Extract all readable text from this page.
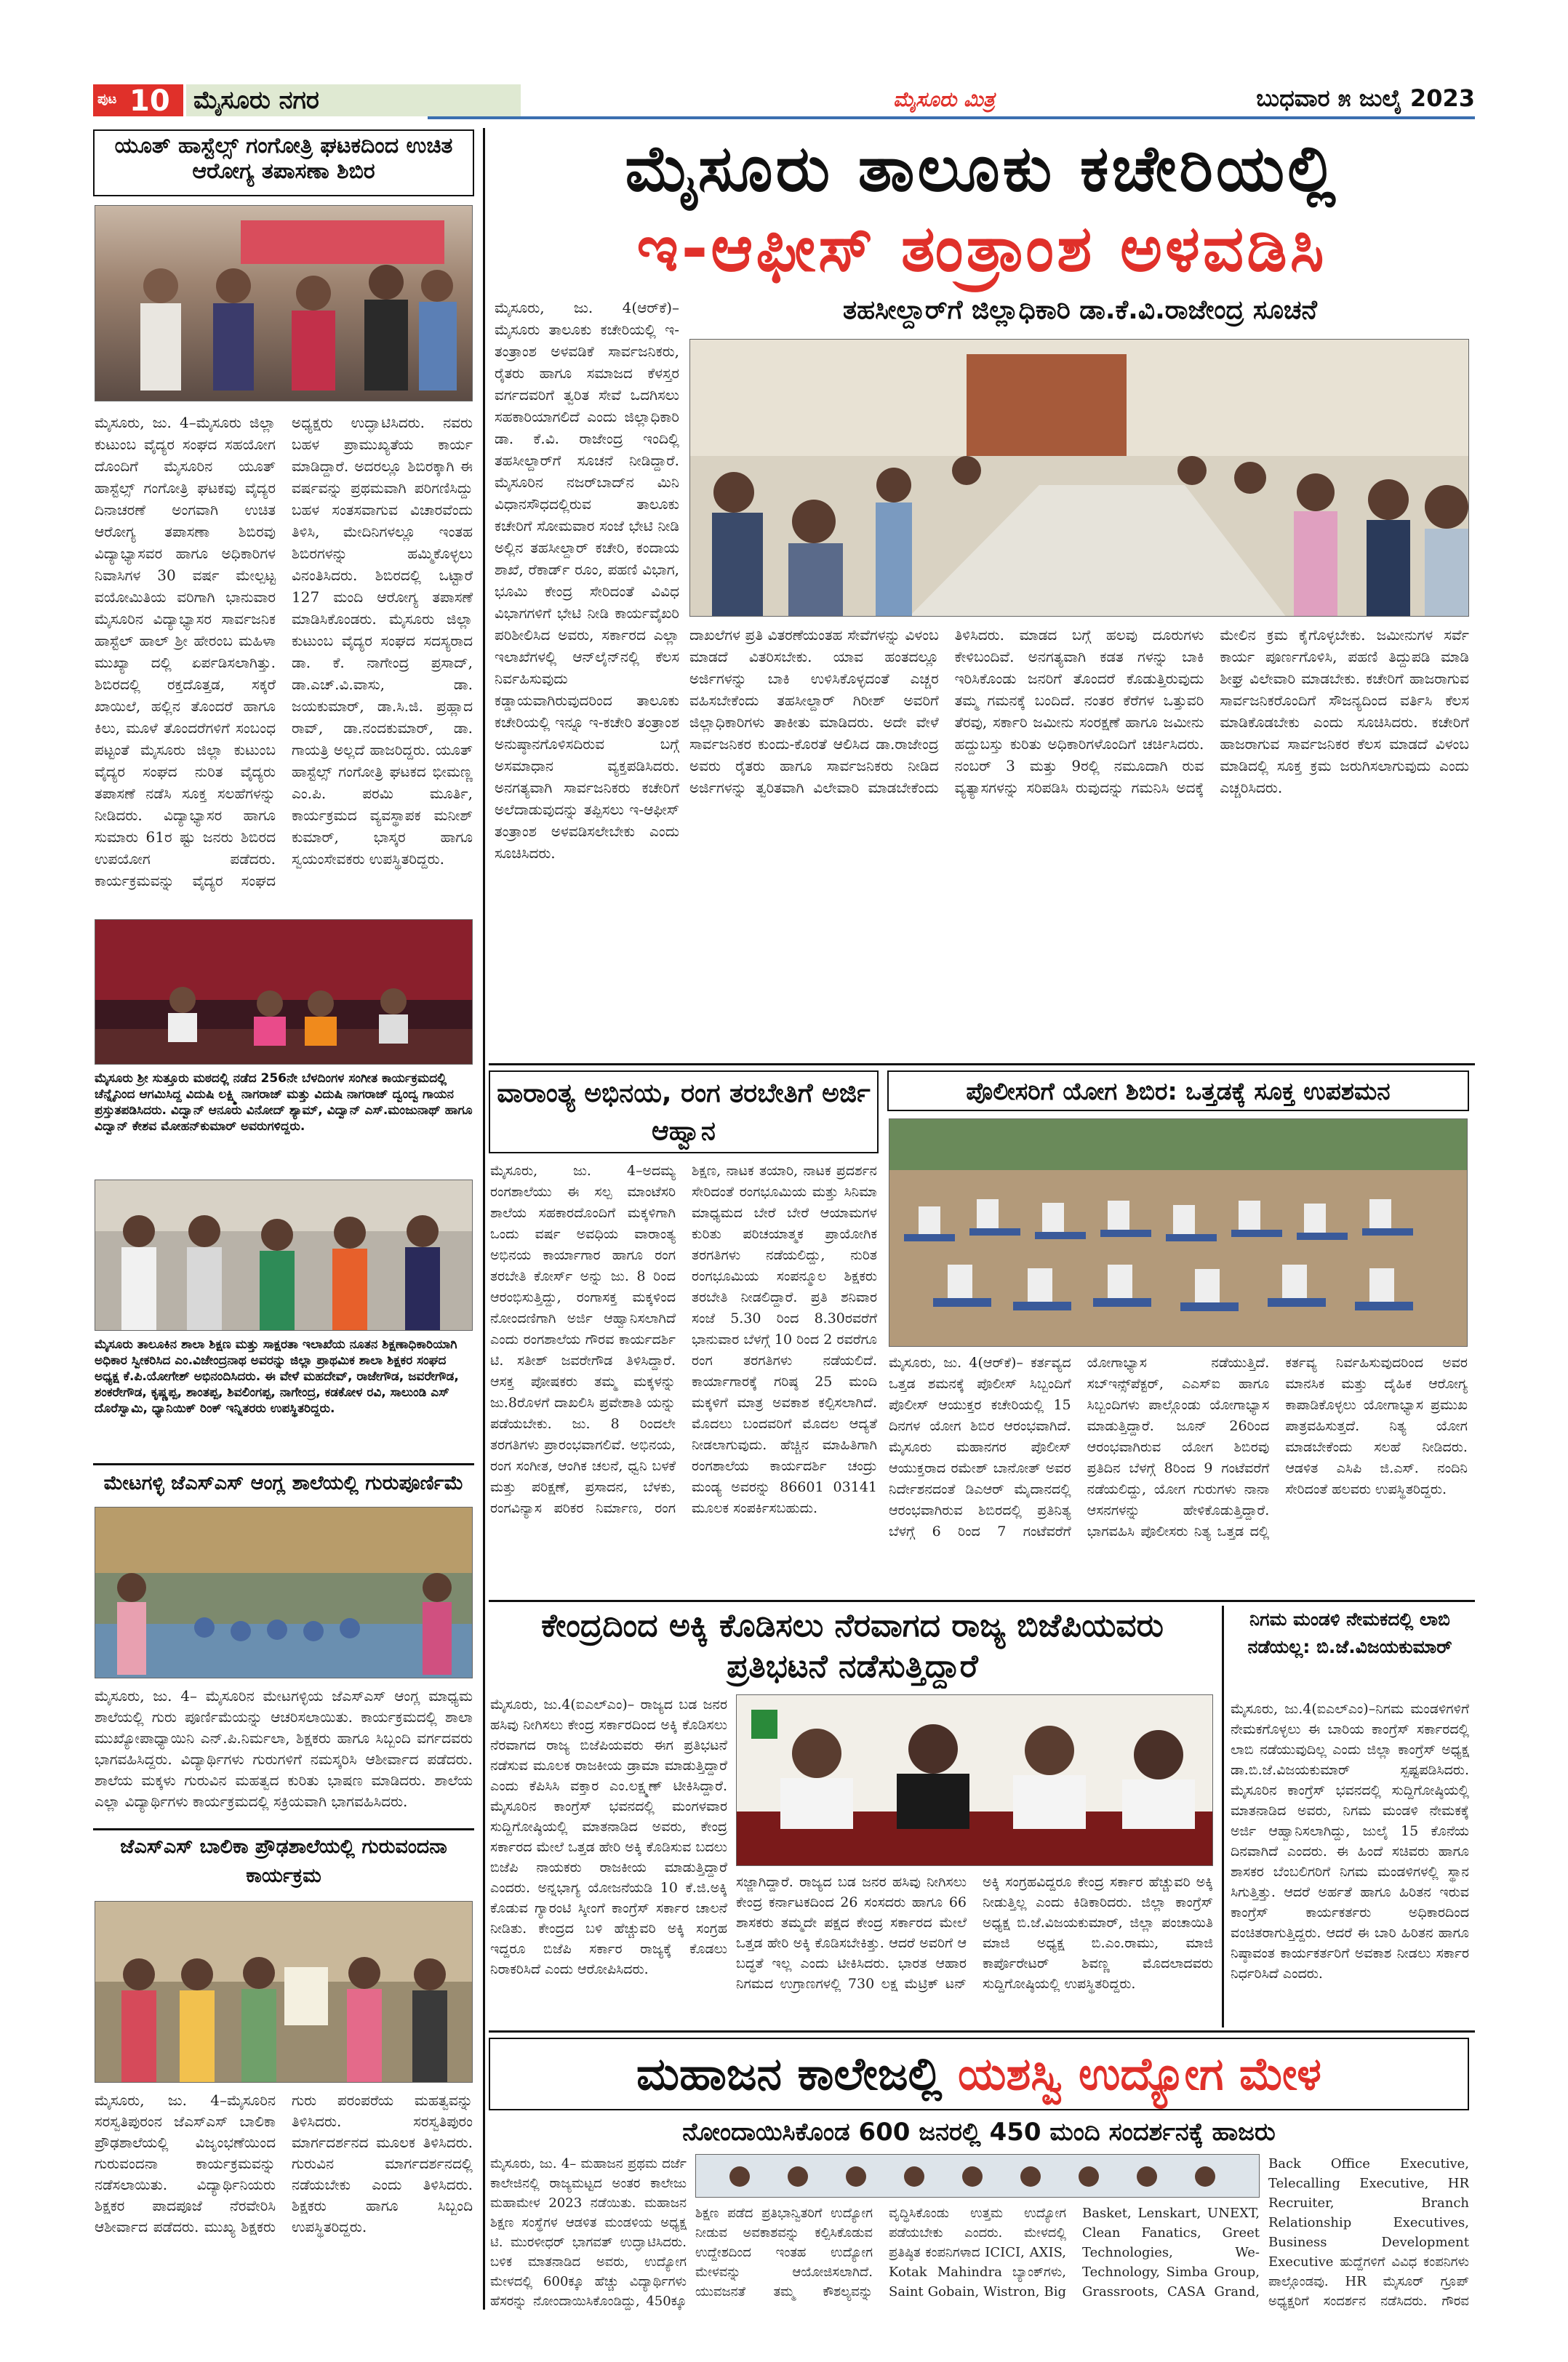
ಪುಟ 10 ಮೈಸೂರು ನಗರ	ಮೈಸೂರು ಮಿತ್ರ	ಬುಧವಾರ ೫ ಜುಲೈ 2023
ಯೂತ್ ಹಾಸ್ಟೆಲ್ಸ್ ಗಂಗೋತ್ರಿ ಘಟಕದಿಂದ ಉಚಿತ ಆರೋಗ್ಯ ತಪಾಸಣಾ ಶಿಬಿರ
ಮೈಸೂರು, ಜು. 4–ಮೈಸೂರು ಜಿಲ್ಲಾ ಕುಟುಂಬ ವೈದ್ಯರ ಸಂಘದ ಸಹಯೋಗ ದೊಂದಿಗೆ ಮೈಸೂರಿನ ಯೂತ್ ಹಾಸ್ಟೆಲ್ಸ್ ಗಂಗೋತ್ರಿ ಘಟಕವು ವೈದ್ಯರ ದಿನಾಚರಣೆ ಅಂಗವಾಗಿ ಉಚಿತ ಆರೋಗ್ಯ ತಪಾಸಣಾ ಶಿಬಿರವು ವಿದ್ಯಾಭ್ಯಾಸವರ ಹಾಗೂ ಅಧಿಕಾರಿಗಳ ನಿವಾಸಿಗಳ 30 ವರ್ಷ ಮೇಲ್ಪಟ್ಟ ವಯೋಮಿತಿಯ ವರಿಗಾಗಿ ಭಾನುವಾರ ಮೈಸೂರಿನ ವಿದ್ಯಾಭ್ಯಾಸರ ಸಾರ್ವಜನಿಕ ಹಾಸ್ಟೆಲ್ ಹಾಲ್ ಶ್ರೀ ಹೇರಂಬ ಮಹಿಳಾ ಮುಖ್ಯಾ ದಲ್ಲಿ ಏರ್ಪಡಿಸಲಾಗಿತ್ತು. ಶಿಬಿರದಲ್ಲಿ ರಕ್ತದೊತ್ತಡ, ಸಕ್ಕರೆ ಖಾಯಿಲೆ, ಹಲ್ಲಿನ ತೊಂದರೆ ಹಾಗೂ ಕಿಲು, ಮೂಳೆ ತೊಂದರೆಗಳಿಗೆ ಸಂಬಂಧ ಪಟ್ಟಂತೆ ಮೈಸೂರು ಜಿಲ್ಲಾ ಕುಟುಂಬ ವೈದ್ಯರ ಸಂಘದ ನುರಿತ ವೈದ್ಯರು ತಪಾಸಣೆ ನಡೆಸಿ ಸೂಕ್ತ ಸಲಹೆಗಳನ್ನು ನೀಡಿದರು. ವಿದ್ಯಾಭ್ಯಾಸರ ಹಾಗೂ ಸುಮಾರು 61ರ ಷ್ಟು ಜನರು ಶಿಬಿರದ ಉಪಯೋಗ ಪಡೆದರು. ಕಾರ್ಯಕ್ರಮವನ್ನು ವೈದ್ಯರ ಸಂಘದ ಅಧ್ಯಕ್ಷರು ಉದ್ಘಾಟಿಸಿದರು. ನವರು ಬಹಳ ಪ್ರಾಮುಖ್ಯತೆಯ ಕಾರ್ಯ ಮಾಡಿದ್ದಾರೆ. ಅದರಲ್ಲೂ ಶಿಬಿರಕ್ಕಾಗಿ ಈ ವರ್ಷವನ್ನು ಪ್ರಥಮವಾಗಿ ಪರಿಗಣಿಸಿದ್ದು ಬಹಳ ಸಂತಸವಾಗುವ ವಿಚಾರವೆಂದು ತಿಳಿಸಿ, ಮೇದಿನಿಗಳಲ್ಲೂ ಇಂತಹ ಶಿಬಿರಗಳನ್ನು ಹಮ್ಮಿಕೊಳ್ಳಲು ವಿನಂತಿಸಿದರು. ಶಿಬಿರದಲ್ಲಿ ಒಟ್ಟಾರೆ 127 ಮಂದಿ ಆರೋಗ್ಯ ತಪಾಸಣೆ ಮಾಡಿಸಿಕೊಂಡರು. ಮೈಸೂರು ಜಿಲ್ಲಾ ಕುಟುಂಬ ವೈದ್ಯರ ಸಂಘದ ಸದಸ್ಯರಾದ ಡಾ. ಕೆ. ನಾಗೇಂದ್ರ ಪ್ರಸಾದ್, ಡಾ.ಎಚ್.ವಿ.ವಾಸು, ಡಾ. ಜಯಕುಮಾರ್, ಡಾ.ಸಿ.ಜಿ. ಪ್ರಹ್ಲಾದ ರಾವ್, ಡಾ.ನಂದಕುಮಾರ್, ಡಾ. ಗಾಯತ್ರಿ ಅಲ್ಲದೆ ಹಾಜರಿದ್ದರು. ಯೂತ್ ಹಾಸ್ಟೆಲ್ಸ್ ಗಂಗೋತ್ರಿ ಘಟಕದ ಭೀಮಣ್ಣ ಎಂ.ಪಿ. ಪರಮಿ ಮೂರ್ತಿ, ಕಾರ್ಯಕ್ರಮದ ವ್ಯವಸ್ಥಾಪಕ ಮನೀಶ್ ಕುಮಾರ್, ಭಾಸ್ಕರ ಹಾಗೂ ಸ್ವಯಂಸೇವಕರು ಉಪಸ್ಥಿತರಿದ್ದರು.
ಮೈಸೂರು ಶ್ರೀ ಸುತ್ತೂರು ಮಠದಲ್ಲಿ ನಡೆದ 256ನೇ ಬೆಳದಿಂಗಳ ಸಂಗೀತ ಕಾರ್ಯಕ್ರಮದಲ್ಲಿ ಚೆನ್ನೈನಿಂದ ಆಗಮಿಸಿದ್ದ ವಿದುಷಿ ಲಕ್ಷ್ಮಿ ನಾಗರಾಜ್ ಮತ್ತು ವಿದುಷಿ ನಾಗರಾಜ್ ದ್ವಂದ್ವ ಗಾಯನ ಪ್ರಸ್ತುತಪಡಿಸಿದರು. ವಿದ್ವಾನ್ ಆನೂರು ವಿನೋದ್ ಶ್ಯಾಮ್, ವಿದ್ವಾನ್ ಎಸ್.ಮಂಜುನಾಥ್ ಹಾಗೂ ವಿದ್ವಾನ್ ಕೇಶವ ಮೋಹನ್‌ಕುಮಾರ್ ಅವರುಗಳಿದ್ದರು.
ಮೈಸೂರು ತಾಲೂಕಿನ ಶಾಲಾ ಶಿಕ್ಷಣ ಮತ್ತು ಸಾಕ್ಷರತಾ ಇಲಾಖೆಯ ನೂತನ ಶಿಕ್ಷಣಾಧಿಕಾರಿಯಾಗಿ ಅಧಿಕಾರ ಸ್ವೀಕರಿಸಿದ ಎಂ.ವಿಜೇಂದ್ರನಾಥ ಅವರನ್ನು ಜಿಲ್ಲಾ ಪ್ರಾಥಮಿಕ ಶಾಲಾ ಶಿಕ್ಷಕರ ಸಂಘದ ಅಧ್ಯಕ್ಷ ಕೆ.ಪಿ.ಯೋಗೇಶ್ ಅಭಿನಂದಿಸಿದರು. ಈ ವೇಳೆ ಮಹದೇವ್, ರಾಜೇಗೌಡ, ಜವರೇಗೌಡ, ಶಂಕರೇಗೌಡ, ಕೃಷ್ಣಪ್ಪ, ಶಾಂತಪ್ಪ, ಶಿವಲಿಂಗಪ್ಪ, ನಾಗೇಂದ್ರ, ಕಡಕೋಳ ರವಿ, ಸಾಲುಂಡಿ ಎಸ್ ದೊರೆಸ್ವಾಮಿ, ಧ್ಯಾನಿಯಿಕ್ ರಿಂಕ್ ಇನ್ನಿತರರು ಉಪಸ್ಥಿತರಿದ್ದರು.
ಮೇಟಗಳ್ಳಿ ಜೆಎಸ್‌ಎಸ್ ಆಂಗ್ಲ ಶಾಲೆಯಲ್ಲಿ ಗುರುಪೂರ್ಣಿಮೆ
ಮೈಸೂರು, ಜು. 4– ಮೈಸೂರಿನ ಮೇಟಗಳ್ಳಿಯ ಜೆಎಸ್‌ಎಸ್ ಆಂಗ್ಲ ಮಾಧ್ಯಮ ಶಾಲೆಯಲ್ಲಿ ಗುರು ಪೂರ್ಣಿಮೆಯನ್ನು ಆಚರಿಸಲಾಯಿತು. ಕಾರ್ಯಕ್ರಮದಲ್ಲಿ ಶಾಲಾ ಮುಖ್ಯೋಪಾಧ್ಯಾಯಿನಿ ಎನ್.ಪಿ.ನಿರ್ಮಲಾ, ಶಿಕ್ಷಕರು ಹಾಗೂ ಸಿಬ್ಬಂದಿ ವರ್ಗದವರು ಭಾಗವಹಿಸಿದ್ದರು. ವಿದ್ಯಾರ್ಥಿಗಳು ಗುರುಗಳಿಗೆ ನಮಸ್ಕರಿಸಿ ಆಶೀರ್ವಾದ ಪಡೆದರು. ಶಾಲೆಯ ಮಕ್ಕಳು ಗುರುವಿನ ಮಹತ್ವದ ಕುರಿತು ಭಾಷಣ ಮಾಡಿದರು. ಶಾಲೆಯ ಎಲ್ಲಾ ವಿದ್ಯಾರ್ಥಿಗಳು ಕಾರ್ಯಕ್ರಮದಲ್ಲಿ ಸಕ್ರಿಯವಾಗಿ ಭಾಗವಹಿಸಿದರು.
ಜೆಎಸ್‌ಎಸ್ ಬಾಲಿಕಾ ಪ್ರೌಢಶಾಲೆಯಲ್ಲಿ ಗುರುವಂದನಾ ಕಾರ್ಯಕ್ರಮ
ಮೈಸೂರು, ಜು. 4–ಮೈಸೂರಿನ ಸರಸ್ವತಿಪುರಂನ ಜೆಎಸ್‌ಎಸ್ ಬಾಲಿಕಾ ಪ್ರೌಢಶಾಲೆಯಲ್ಲಿ ವಿಜೃಂಭಣೆಯಿಂದ ಗುರುವಂದನಾ ಕಾರ್ಯಕ್ರಮವನ್ನು ನಡೆಸಲಾಯಿತು. ವಿದ್ಯಾರ್ಥಿನಿಯರು ಶಿಕ್ಷಕರ ಪಾದಪೂಜೆ ನೆರವೇರಿಸಿ ಆಶೀರ್ವಾದ ಪಡೆದರು. ಮುಖ್ಯ ಶಿಕ್ಷಕರು ಗುರು ಪರಂಪರೆಯ ಮಹತ್ವವನ್ನು ತಿಳಿಸಿದರು. ಸರಸ್ವತಿಪುರಂ ಮಾರ್ಗದರ್ಶನದ ಮೂಲಕ ತಿಳಿಸಿದರು. ಗುರುವಿನ ಮಾರ್ಗದರ್ಶನದಲ್ಲಿ ನಡೆಯಬೇಕು ಎಂದು ತಿಳಿಸಿದರು. ಶಿಕ್ಷಕರು ಹಾಗೂ ಸಿಬ್ಬಂದಿ ಉಪಸ್ಥಿತರಿದ್ದರು.
ಮೈಸೂರು ತಾಲೂಕು ಕಚೇರಿಯಲ್ಲಿ
ಇ-ಆಫೀಸ್ ತಂತ್ರಾಂಶ ಅಳವಡಿಸಿ
ತಹಸೀಲ್ದಾರ್‌ಗೆ ಜಿಲ್ಲಾಧಿಕಾರಿ ಡಾ.ಕೆ.ವಿ.ರಾಜೇಂದ್ರ ಸೂಚನೆ
ಮೈಸೂರು, ಜು. 4(ಆರ್‌ಕೆ)– ಮೈಸೂರು ತಾಲೂಕು ಕಚೇರಿಯಲ್ಲಿ ಇ-ತಂತ್ರಾಂಶ ಅಳವಡಿಕೆ ಸಾರ್ವಜನಿಕರು, ರೈತರು ಹಾಗೂ ಸಮಾಜದ ಕೆಳಸ್ತರ ವರ್ಗದವರಿಗೆ ತ್ವರಿತ ಸೇವೆ ಒದಗಿಸಲು ಸಹಕಾರಿಯಾಗಲಿದೆ ಎಂದು ಜಿಲ್ಲಾಧಿಕಾರಿ ಡಾ. ಕೆ.ವಿ. ರಾಜೇಂದ್ರ ಇಂದಿಲ್ಲಿ ತಹಸೀಲ್ದಾರ್‌ಗೆ ಸೂಚನೆ ನೀಡಿದ್ದಾರೆ. ಮೈಸೂರಿನ ನಜರ್‌ಬಾದ್‌ನ ಮಿನಿ ವಿಧಾನಸೌಧದಲ್ಲಿರುವ ತಾಲೂಕು ಕಚೇರಿಗೆ ಸೋಮವಾರ ಸಂಜೆ ಭೇಟಿ ನೀಡಿ ಅಲ್ಲಿನ ತಹಸೀಲ್ದಾರ್ ಕಚೇರಿ, ಕಂದಾಯ ಶಾಖೆ, ರೆಕಾರ್ಡ್ ರೂಂ, ಪಹಣಿ ವಿಭಾಗ, ಭೂಮಿ ಕೇಂದ್ರ ಸೇರಿದಂತೆ ವಿವಿಧ ವಿಭಾಗಗಳಿಗೆ ಭೇಟಿ ನೀಡಿ ಕಾರ್ಯವೈಖರಿ ಪರಿಶೀಲಿಸಿದ ಅವರು, ಸರ್ಕಾರದ ಎಲ್ಲಾ ಇಲಾಖೆಗಳಲ್ಲಿ ಆನ್‌ಲೈನ್‌ನಲ್ಲಿ ಕೆಲಸ ನಿರ್ವಹಿಸುವುದು ಕಡ್ಡಾಯವಾಗಿರುವುದರಿಂದ ತಾಲೂಕು ಕಚೇರಿಯಲ್ಲಿ ಇನ್ನೂ ಇ-ಕಚೇರಿ ತಂತ್ರಾಂಶ ಅನುಷ್ಠಾನಗೊಳಿಸದಿರುವ ಬಗ್ಗೆ ಅಸಮಾಧಾನ ವ್ಯಕ್ತಪಡಿಸಿದರು. ಅನಗತ್ಯವಾಗಿ ಸಾರ್ವಜನಿಕರು ಕಚೇರಿಗೆ ಅಲೆದಾಡುವುದನ್ನು ತಪ್ಪಿಸಲು ಇ-ಆಫೀಸ್ ತಂತ್ರಾಂಶ ಅಳವಡಿಸಲೇಬೇಕು ಎಂದು ಸೂಚಿಸಿದರು.
ದಾಖಲೆಗಳ ಪ್ರತಿ ವಿತರಣೆಯಂತಹ ಸೇವೆಗಳನ್ನು ವಿಳಂಬ ಮಾಡದೆ ವಿತರಿಸಬೇಕು. ಯಾವ ಹಂತದಲ್ಲೂ ಅರ್ಜಿಗಳನ್ನು ಬಾಕಿ ಉಳಿಸಿಕೊಳ್ಳದಂತೆ ಎಚ್ಚರ ವಹಿಸಬೇಕೆಂದು ತಹಸೀಲ್ದಾರ್ ಗಿರೀಶ್ ಅವರಿಗೆ ಜಿಲ್ಲಾಧಿಕಾರಿಗಳು ತಾಕೀತು ಮಾಡಿದರು. ಅದೇ ವೇಳೆ ಸಾರ್ವಜನಿಕರ ಕುಂದು-ಕೊರತೆ ಆಲಿಸಿದ ಡಾ.ರಾಜೇಂದ್ರ ಅವರು ರೈತರು ಹಾಗೂ ಸಾರ್ವಜನಿಕರು ನೀಡಿದ ಅರ್ಜಿಗಳನ್ನು ತ್ವರಿತವಾಗಿ ವಿಲೇವಾರಿ ಮಾಡಬೇಕೆಂದು ತಿಳಿಸಿದರು. ಮಾಡದ ಬಗ್ಗೆ ಹಲವು ದೂರುಗಳು ಕೇಳಿಬಂದಿವೆ. ಅನಗತ್ಯವಾಗಿ ಕಡತ ಗಳನ್ನು ಬಾಕಿ ಇರಿಸಿಕೊಂಡು ಜನರಿಗೆ ತೊಂದರೆ ಕೊಡುತ್ತಿರುವುದು ತಮ್ಮ ಗಮನಕ್ಕೆ ಬಂದಿದೆ. ನಂತರ ಕೆರೆಗಳ ಒತ್ತುವರಿ ತೆರವು, ಸರ್ಕಾರಿ ಜಮೀನು ಸಂರಕ್ಷಣೆ ಹಾಗೂ ಜಮೀನು ಹದ್ದುಬಸ್ತು ಕುರಿತು ಅಧಿಕಾರಿಗಳೊಂದಿಗೆ ಚರ್ಚಿಸಿದರು. ನಂಬರ್ 3 ಮತ್ತು 9ರಲ್ಲಿ ನಮೂದಾಗಿ ರುವ ವ್ಯತ್ಯಾಸಗಳನ್ನು ಸರಿಪಡಿಸಿ ರುವುದನ್ನು ಗಮನಿಸಿ ಅದಕ್ಕೆ ಮೇಲಿನ ಕ್ರಮ ಕೈಗೊಳ್ಳಬೇಕು. ಜಮೀನುಗಳ ಸರ್ವೆ ಕಾರ್ಯ ಪೂರ್ಣಗೊಳಿಸಿ, ಪಹಣಿ ತಿದ್ದುಪಡಿ ಮಾಡಿ ಶೀಘ್ರ ವಿಲೇವಾರಿ ಮಾಡಬೇಕು. ಕಚೇರಿಗೆ ಹಾಜರಾಗುವ ಸಾರ್ವಜನಿಕರೊಂದಿಗೆ ಸೌಜನ್ಯದಿಂದ ವರ್ತಿಸಿ ಕೆಲಸ ಮಾಡಿಕೊಡಬೇಕು ಎಂದು ಸೂಚಿಸಿದರು. ಕಚೇರಿಗೆ ಹಾಜರಾಗುವ ಸಾರ್ವಜನಿಕರ ಕೆಲಸ ಮಾಡದೆ ವಿಳಂಬ ಮಾಡಿದಲ್ಲಿ ಸೂಕ್ತ ಕ್ರಮ ಜರುಗಿಸಲಾಗುವುದು ಎಂದು ಎಚ್ಚರಿಸಿದರು.
ವಾರಾಂತ್ಯ ಅಭಿನಯ, ರಂಗ ತರಬೇತಿಗೆ ಅರ್ಜಿ ಆಹ್ವಾನ
ಮೈಸೂರು, ಜು. 4–ಅದಮ್ಯ ರಂಗಶಾಲೆಯು ಈ ಸಲ್ಪ ಮಾಂಟೆಸರಿ ಶಾಲೆಯ ಸಹಕಾರದೊಂದಿಗೆ ಮಕ್ಕಳಿಗಾಗಿ ಒಂದು ವರ್ಷ ಅವಧಿಯ ವಾರಾಂತ್ಯ ಅಭಿನಯ ಕಾರ್ಯಾಗಾರ ಹಾಗೂ ರಂಗ ತರಬೇತಿ ಕೋರ್ಸ್ ಅನ್ನು ಜು. 8 ರಿಂದ ಆರಂಭಿಸುತ್ತಿದ್ದು, ರಂಗಾಸಕ್ತ ಮಕ್ಕಳಿಂದ ನೋಂದಣಿಗಾಗಿ ಅರ್ಜಿ ಆಹ್ವಾನಿಸಲಾಗಿದೆ ಎಂದು ರಂಗಶಾಲೆಯ ಗೌರವ ಕಾರ್ಯದರ್ಶಿ ಟಿ. ಸತೀಶ್ ಜವರೇಗೌಡ ತಿಳಿಸಿದ್ದಾರೆ. ಆಸಕ್ತ ಪೋಷಕರು ತಮ್ಮ ಮಕ್ಕಳನ್ನು ಜು.8ರೊಳಗೆ ದಾಖಲಿಸಿ ಪ್ರವೇಶಾತಿ ಯನ್ನು ಪಡೆಯಬೇಕು. ಜು. 8 ರಿಂದಲೇ ತರಗತಿಗಳು ಪ್ರಾರಂಭವಾಗಲಿವೆ. ಅಭಿನಯ, ರಂಗ ಸಂಗೀತ, ಆಂಗಿಕ ಚಲನೆ, ಧ್ವನಿ ಬಳಕೆ ಮತ್ತು ಪರಿಕ್ಷಣೆ, ಪ್ರಸಾದನ, ಬೆಳಕು, ರಂಗವಿನ್ಯಾಸ ಪರಿಕರ ನಿರ್ಮಾಣ, ರಂಗ ಶಿಕ್ಷಣ, ನಾಟಕ ತಯಾರಿ, ನಾಟಕ ಪ್ರದರ್ಶನ ಸೇರಿದಂತೆ ರಂಗಭೂಮಿಯ ಮತ್ತು ಸಿನಿಮಾ ಮಾಧ್ಯಮದ ಬೇರೆ ಬೇರೆ ಆಯಾಮಗಳ ಕುರಿತು ಪರಿಚಯಾತ್ಮಕ ಪ್ರಾಯೋಗಿಕ ತರಗತಿಗಳು ನಡೆಯಲಿದ್ದು, ನುರಿತ ರಂಗಭೂಮಿಯ ಸಂಪನ್ಮೂಲ ಶಿಕ್ಷಕರು ತರಬೇತಿ ನೀಡಲಿದ್ದಾರೆ. ಪ್ರತಿ ಶನಿವಾರ ಸಂಜೆ 5.30 ರಿಂದ 8.30ರವರೆಗೆ ಭಾನುವಾರ ಬೆಳಗ್ಗೆ 10 ರಿಂದ 2 ರವರೆಗೂ ರಂಗ ತರಗತಿಗಳು ನಡೆಯಲಿದೆ. ಕಾರ್ಯಾಗಾರಕ್ಕೆ ಗರಿಷ್ಠ 25 ಮಂದಿ ಮಕ್ಕಳಿಗೆ ಮಾತ್ರ ಅವಕಾಶ ಕಲ್ಪಿಸಲಾಗಿದೆ. ಮೊದಲು ಬಂದವರಿಗೆ ಮೊದಲ ಆದ್ಯತೆ ನೀಡಲಾಗುವುದು. ಹೆಚ್ಚಿನ ಮಾಹಿತಿಗಾಗಿ ರಂಗಶಾಲೆಯ ಕಾರ್ಯದರ್ಶಿ ಚಂದ್ರು ಮಂಡ್ಯ ಅವರನ್ನು 86601 03141 ಮೂಲಕ ಸಂಪರ್ಕಿಸಬಹುದು.
ಪೊಲೀಸರಿಗೆ ಯೋಗ ಶಿಬಿರ: ಒತ್ತಡಕ್ಕೆ ಸೂಕ್ತ ಉಪಶಮನ
ಮೈಸೂರು, ಜು. 4(ಆರ್‌ಕೆ)– ಕರ್ತವ್ಯದ ಒತ್ತಡ ಶಮನಕ್ಕೆ ಪೊಲೀಸ್ ಸಿಬ್ಬಂದಿಗೆ ಪೊಲೀಸ್ ಆಯುಕ್ತರ ಕಚೇರಿಯಲ್ಲಿ 15 ದಿನಗಳ ಯೋಗ ಶಿಬಿರ ಆರಂಭವಾಗಿದೆ. ಮೈಸೂರು ಮಹಾನಗರ ಪೊಲೀಸ್ ಆಯುಕ್ತರಾದ ರಮೇಶ್ ಬಾನೋತ್ ಅವರ ನಿರ್ದೇಶನದಂತೆ ಡಿಎಆರ್ ಮೈದಾನದಲ್ಲಿ ಆರಂಭವಾಗಿರುವ ಶಿಬಿರದಲ್ಲಿ ಪ್ರತಿನಿತ್ಯ ಬೆಳಗ್ಗೆ 6 ರಿಂದ 7 ಗಂಟೆವರೆಗೆ ಯೋಗಾಭ್ಯಾಸ ನಡೆಯುತ್ತಿದೆ. ಸಬ್‌ಇನ್ಸ್‌ಪೆಕ್ಟರ್, ಎಎಸ್‌ಐ ಹಾಗೂ ಸಿಬ್ಬಂದಿಗಳು ಪಾಲ್ಗೊಂಡು ಯೋಗಾಭ್ಯಾಸ ಮಾಡುತ್ತಿದ್ದಾರೆ. ಜೂನ್ 26ರಿಂದ ಆರಂಭವಾಗಿರುವ ಯೋಗ ಶಿಬಿರವು ಪ್ರತಿದಿನ ಬೆಳಗ್ಗೆ 8ರಿಂದ 9 ಗಂಟೆವರೆಗೆ ನಡೆಯಲಿದ್ದು, ಯೋಗ ಗುರುಗಳು ನಾನಾ ಆಸನಗಳನ್ನು ಹೇಳಿಕೊಡುತ್ತಿದ್ದಾರೆ. ಭಾಗವಹಿಸಿ ಪೊಲೀಸರು ನಿತ್ಯ ಒತ್ತಡ ದಲ್ಲಿ ಕರ್ತವ್ಯ ನಿರ್ವಹಿಸುವುದರಿಂದ ಅವರ ಮಾನಸಿಕ ಮತ್ತು ದೈಹಿಕ ಆರೋಗ್ಯ ಕಾಪಾಡಿಕೊಳ್ಳಲು ಯೋಗಾಭ್ಯಾಸ ಪ್ರಮುಖ ಪಾತ್ರವಹಿಸುತ್ತದೆ. ನಿತ್ಯ ಯೋಗ ಮಾಡಬೇಕೆಂದು ಸಲಹೆ ನೀಡಿದರು. ಆಡಳಿತ ಎಸಿಪಿ ಜಿ.ಎಸ್. ನಂದಿನಿ ಸೇರಿದಂತೆ ಹಲವರು ಉಪಸ್ಥಿತರಿದ್ದರು.
ಕೇಂದ್ರದಿಂದ ಅಕ್ಕಿ ಕೊಡಿಸಲು ನೆರವಾಗದ ರಾಜ್ಯ ಬಿಜೆಪಿಯವರು ಪ್ರತಿಭಟನೆ ನಡೆಸುತ್ತಿದ್ದಾರೆ
ಮೈಸೂರು, ಜು.4(ಐಎಲ್‌ಎಂ)– ರಾಜ್ಯದ ಬಡ ಜನರ ಹಸಿವು ನೀಗಿಸಲು ಕೇಂದ್ರ ಸರ್ಕಾರದಿಂದ ಅಕ್ಕಿ ಕೊಡಿಸಲು ನೆರವಾಗದ ರಾಜ್ಯ ಬಿಜೆಪಿಯವರು ಈಗ ಪ್ರತಿಭಟನೆ ನಡೆಸುವ ಮೂಲಕ ರಾಜಕೀಯ ಡ್ರಾಮಾ ಮಾಡುತ್ತಿದ್ದಾರೆ ಎಂದು ಕೆಪಿಸಿಸಿ ವಕ್ತಾರ ಎಂ.ಲಕ್ಷ್ಮಣ್ ಟೀಕಿಸಿದ್ದಾರೆ. ಮೈಸೂರಿನ ಕಾಂಗ್ರೆಸ್ ಭವನದಲ್ಲಿ ಮಂಗಳವಾರ ಸುದ್ದಿಗೋಷ್ಠಿಯಲ್ಲಿ ಮಾತನಾಡಿದ ಅವರು, ಕೇಂದ್ರ ಸರ್ಕಾರದ ಮೇಲೆ ಒತ್ತಡ ಹೇರಿ ಅಕ್ಕಿ ಕೊಡಿಸುವ ಬದಲು ಬಿಜೆಪಿ ನಾಯಕರು ರಾಜಕೀಯ ಮಾಡುತ್ತಿದ್ದಾರೆ ಎಂದರು. ಅನ್ನಭಾಗ್ಯ ಯೋಜನೆಯಡಿ 10 ಕೆ.ಜಿ.ಅಕ್ಕಿ ಕೊಡುವ ಗ್ಯಾರಂಟಿ ಸ್ಕೀಂಗೆ ಕಾಂಗ್ರೆಸ್ ಸರ್ಕಾರ ಚಾಲನೆ ನೀಡಿತು. ಕೇಂದ್ರದ ಬಳಿ ಹೆಚ್ಚುವರಿ ಅಕ್ಕಿ ಸಂಗ್ರಹ ಇದ್ದರೂ ಬಿಜೆಪಿ ಸರ್ಕಾರ ರಾಜ್ಯಕ್ಕೆ ಕೊಡಲು ನಿರಾಕರಿಸಿದೆ ಎಂದು ಆರೋಪಿಸಿದರು.
ಸಜ್ಜಾಗಿದ್ದಾರೆ. ರಾಜ್ಯದ ಬಡ ಜನರ ಹಸಿವು ನೀಗಿಸಲು ಕೇಂದ್ರ ಕರ್ನಾಟಕದಿಂದ 26 ಸಂಸದರು ಹಾಗೂ 66 ಶಾಸಕರು ತಮ್ಮದೇ ಪಕ್ಷದ ಕೇಂದ್ರ ಸರ್ಕಾರದ ಮೇಲೆ ಒತ್ತಡ ಹೇರಿ ಅಕ್ಕಿ ಕೊಡಿಸಬೇಕಿತ್ತು. ಆದರೆ ಅವರಿಗೆ ಆ ಬದ್ಧತೆ ಇಲ್ಲ ಎಂದು ಟೀಕಿಸಿದರು. ಭಾರತ ಆಹಾರ ನಿಗಮದ ಉಗ್ರಾಣಗಳಲ್ಲಿ 730 ಲಕ್ಷ ಮೆಟ್ರಿಕ್ ಟನ್ ಅಕ್ಕಿ ಸಂಗ್ರಹವಿದ್ದರೂ ಕೇಂದ್ರ ಸರ್ಕಾರ ಹೆಚ್ಚುವರಿ ಅಕ್ಕಿ ನೀಡುತ್ತಿಲ್ಲ ಎಂದು ಕಿಡಿಕಾರಿದರು. ಜಿಲ್ಲಾ ಕಾಂಗ್ರೆಸ್ ಅಧ್ಯಕ್ಷ ಬಿ.ಜೆ.ವಿಜಯಕುಮಾರ್, ಜಿಲ್ಲಾ ಪಂಚಾಯಿತಿ ಮಾಜಿ ಅಧ್ಯಕ್ಷ ಬಿ.ಎಂ.ರಾಮು, ಮಾಜಿ ಕಾರ್ಪೊರೇಟರ್ ಶಿವಣ್ಣ ಮೊದಲಾದವರು ಸುದ್ದಿಗೋಷ್ಠಿಯಲ್ಲಿ ಉಪಸ್ಥಿತರಿದ್ದರು.
ನಿಗಮ ಮಂಡಳಿ ನೇಮಕದಲ್ಲಿ ಲಾಬಿ ನಡೆಯಲ್ಲ: ಬಿ.ಜೆ.ವಿಜಯಕುಮಾರ್
ಮೈಸೂರು, ಜು.4(ಐಎಲ್‌ಎಂ)–ನಿಗಮ ಮಂಡಳಿಗಳಿಗೆ ನೇಮಕಗೊಳ್ಳಲು ಈ ಬಾರಿಯ ಕಾಂಗ್ರೆಸ್ ಸರ್ಕಾರದಲ್ಲಿ ಲಾಬಿ ನಡೆಯುವುದಿಲ್ಲ ಎಂದು ಜಿಲ್ಲಾ ಕಾಂಗ್ರೆಸ್ ಅಧ್ಯಕ್ಷ ಡಾ.ಬಿ.ಜೆ.ವಿಜಯಕುಮಾರ್ ಸ್ಪಷ್ಟಪಡಿಸಿದರು. ಮೈಸೂರಿನ ಕಾಂಗ್ರೆಸ್ ಭವನದಲ್ಲಿ ಸುದ್ದಿಗೋಷ್ಠಿಯಲ್ಲಿ ಮಾತನಾಡಿದ ಅವರು, ನಿಗಮ ಮಂಡಳಿ ನೇಮಕಕ್ಕೆ ಅರ್ಜಿ ಆಹ್ವಾನಿಸಲಾಗಿದ್ದು, ಜುಲೈ 15 ಕೊನೆಯ ದಿನವಾಗಿದೆ ಎಂದರು. ಈ ಹಿಂದೆ ಸಚಿವರು ಹಾಗೂ ಶಾಸಕರ ಬೆಂಬಲಿಗರಿಗೆ ನಿಗಮ ಮಂಡಳಿಗಳಲ್ಲಿ ಸ್ಥಾನ ಸಿಗುತ್ತಿತ್ತು. ಆದರೆ ಅರ್ಹತೆ ಹಾಗೂ ಹಿರಿತನ ಇರುವ ಕಾಂಗ್ರೆಸ್ ಕಾರ್ಯಕರ್ತರು ಅಧಿಕಾರದಿಂದ ವಂಚಿತರಾಗುತ್ತಿದ್ದರು. ಆದರೆ ಈ ಬಾರಿ ಹಿರಿತನ ಹಾಗೂ ನಿಷ್ಠಾವಂತ ಕಾರ್ಯಕರ್ತರಿಗೆ ಅವಕಾಶ ನೀಡಲು ಸರ್ಕಾರ ನಿರ್ಧರಿಸಿದೆ ಎಂದರು.
ಮಹಾಜನ ಕಾಲೇಜಲ್ಲಿ ಯಶಸ್ವಿ ಉದ್ಯೋಗ ಮೇಳ
ನೋಂದಾಯಿಸಿಕೊಂಡ 600 ಜನರಲ್ಲಿ 450 ಮಂದಿ ಸಂದರ್ಶನಕ್ಕೆ ಹಾಜರು
ಮೈಸೂರು, ಜು. 4– ಮಹಾಜನ ಪ್ರಥಮ ದರ್ಜೆ ಕಾಲೇಜಿನಲ್ಲಿ ರಾಜ್ಯಮಟ್ಟದ ಅಂತರ ಕಾಲೇಜು ಮಹಾಮೇಳ 2023 ನಡೆಯಿತು. ಮಹಾಜನ ಶಿಕ್ಷಣ ಸಂಸ್ಥೆಗಳ ಆಡಳಿತ ಮಂಡಳಿಯ ಅಧ್ಯಕ್ಷ ಟಿ. ಮುರಳೀಧರ್ ಭಾಗವತ್ ಉದ್ಘಾಟಿಸಿದರು. ಬಳಿಕ ಮಾತನಾಡಿದ ಅವರು, ಉದ್ಯೋಗ ಮೇಳದಲ್ಲಿ 600ಕ್ಕೂ ಹೆಚ್ಚು ವಿದ್ಯಾರ್ಥಿಗಳು ಹೆಸರನ್ನು ನೋಂದಾಯಿಸಿಕೊಂಡಿದ್ದು, 450ಕ್ಕೂ
ಶಿಕ್ಷಣ ಪಡೆದ ಪ್ರತಿಭಾನ್ವಿತರಿಗೆ ಉದ್ಯೋಗ ನೀಡುವ ಅವಕಾಶವನ್ನು ಕಲ್ಪಿಸಿಕೊಡುವ ಉದ್ದೇಶದಿಂದ ಇಂತಹ ಉದ್ಯೋಗ ಮೇಳವನ್ನು ಆಯೋಜಿಸಲಾಗಿದೆ. ಯುವಜನತೆ ತಮ್ಮ ಕೌಶಲ್ಯವನ್ನು ವೃದ್ಧಿಸಿಕೊಂಡು ಉತ್ತಮ ಉದ್ಯೋಗ ಪಡೆಯಬೇಕು ಎಂದರು. ಮೇಳದಲ್ಲಿ ಪ್ರತಿಷ್ಠಿತ ಕಂಪನಿಗಳಾದ ICICI, AXIS, Kotak Mahindra ಬ್ಯಾಂಕ್‌ಗಳು, Saint Gobain, Wistron, Big Basket, Lenskart, UNEXT, Clean Fanatics, Greet Technologies, We-Technology, Simba Group, Grassroots, CASA Grand,
Back Office Executive, Telecalling Executive, HR Recruiter, Branch Relationship Executives, Business Development Executive ಹುದ್ದೆಗಳಿಗೆ ವಿವಿಧ ಕಂಪನಿಗಳು ಪಾಲ್ಗೊಂಡವು. HR ಮೈಸೂರ್ ಗ್ರೂಪ್ ಅಧ್ಯಕ್ಷರಿಗೆ ಸಂದರ್ಶನ ನಡೆಸಿದರು. ಗೌರವ
